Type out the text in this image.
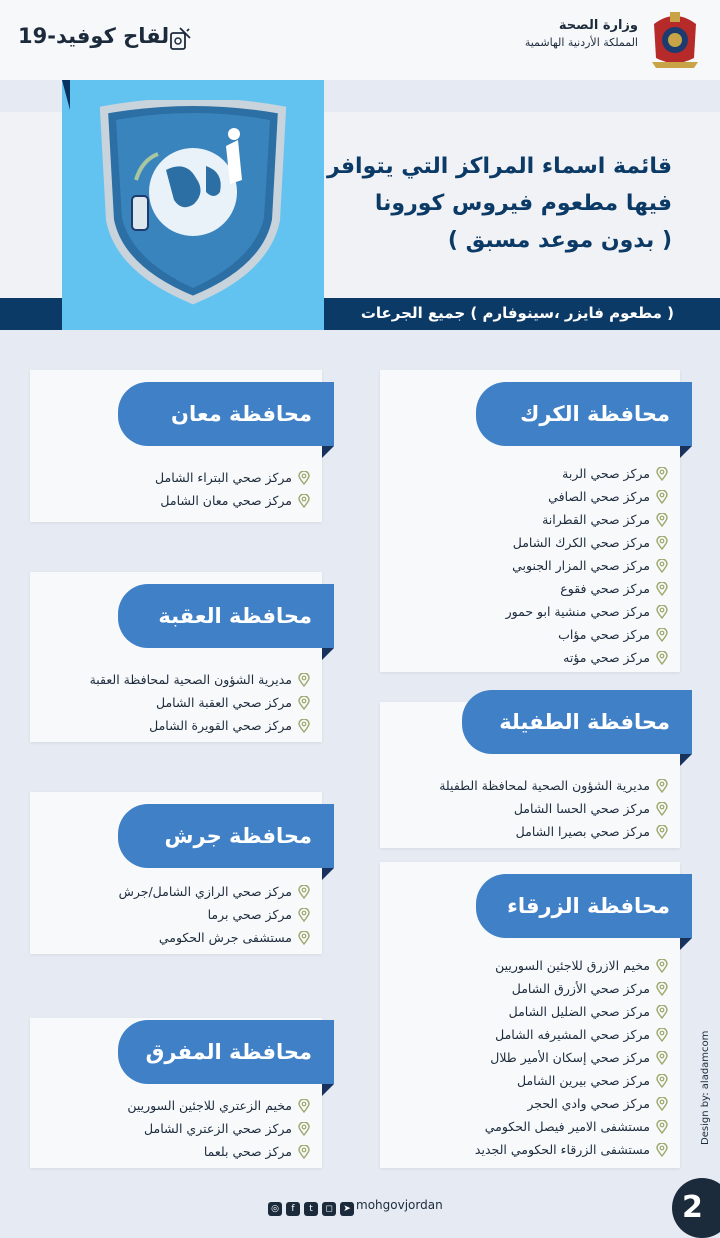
وزارة الصحة
المملكة الأردنية الهاشمية
لقاح كوفيد-19
قائمة اسماء المراكز التي يتوافر
فيها مطعوم فيروس كورونا
( بدون موعد مسبق )
( مطعوم فايزر ،سينوفارم ) جميع الجرعات
محافظة الكرك
مركز صحي الربة
مركز صحي الصافي
مركز صحي القطرانة
مركز صحي الكرك الشامل
مركز صحي المزار الجنوبي
مركز صحي فقوع
مركز صحي منشية ابو حمور
مركز صحي مؤاب
مركز صحي مؤته
محافظة الطفيلة
مديرية الشؤون الصحية لمحافظة الطفيلة
مركز صحي الحسا الشامل
مركز صحي بصيرا الشامل
محافظة الزرقاء
مخيم الازرق للاجئين السوريين
مركز صحي الأزرق الشامل
مركز صحي الضليل الشامل
مركز صحي المشيرفه الشامل
مركز صحي إسكان الأمير طلال
مركز صحي بيرين الشامل
مركز صحي وادي الحجر
مستشفى الامير فيصل الحكومي
مستشفى الزرقاء الحكومي الجديد
محافظة معان
مركز صحي البتراء الشامل
مركز صحي معان الشامل
محافظة العقبة
مديرية الشؤون الصحية لمحافظة العقبة
مركز صحي العقبة الشامل
مركز صحي القويرة الشامل
محافظة جرش
مركز صحي الرازي الشامل/جرش
مركز صحي برما
مستشفى جرش الحكومي
محافظة المفرق
مخيم الزعتري للاجئين السوريين
مركز صحي الزعتري الشامل
مركز صحي بلعما
Design by: aladamcom
◎	f	t	◻	➤ mohgovjordan	2
